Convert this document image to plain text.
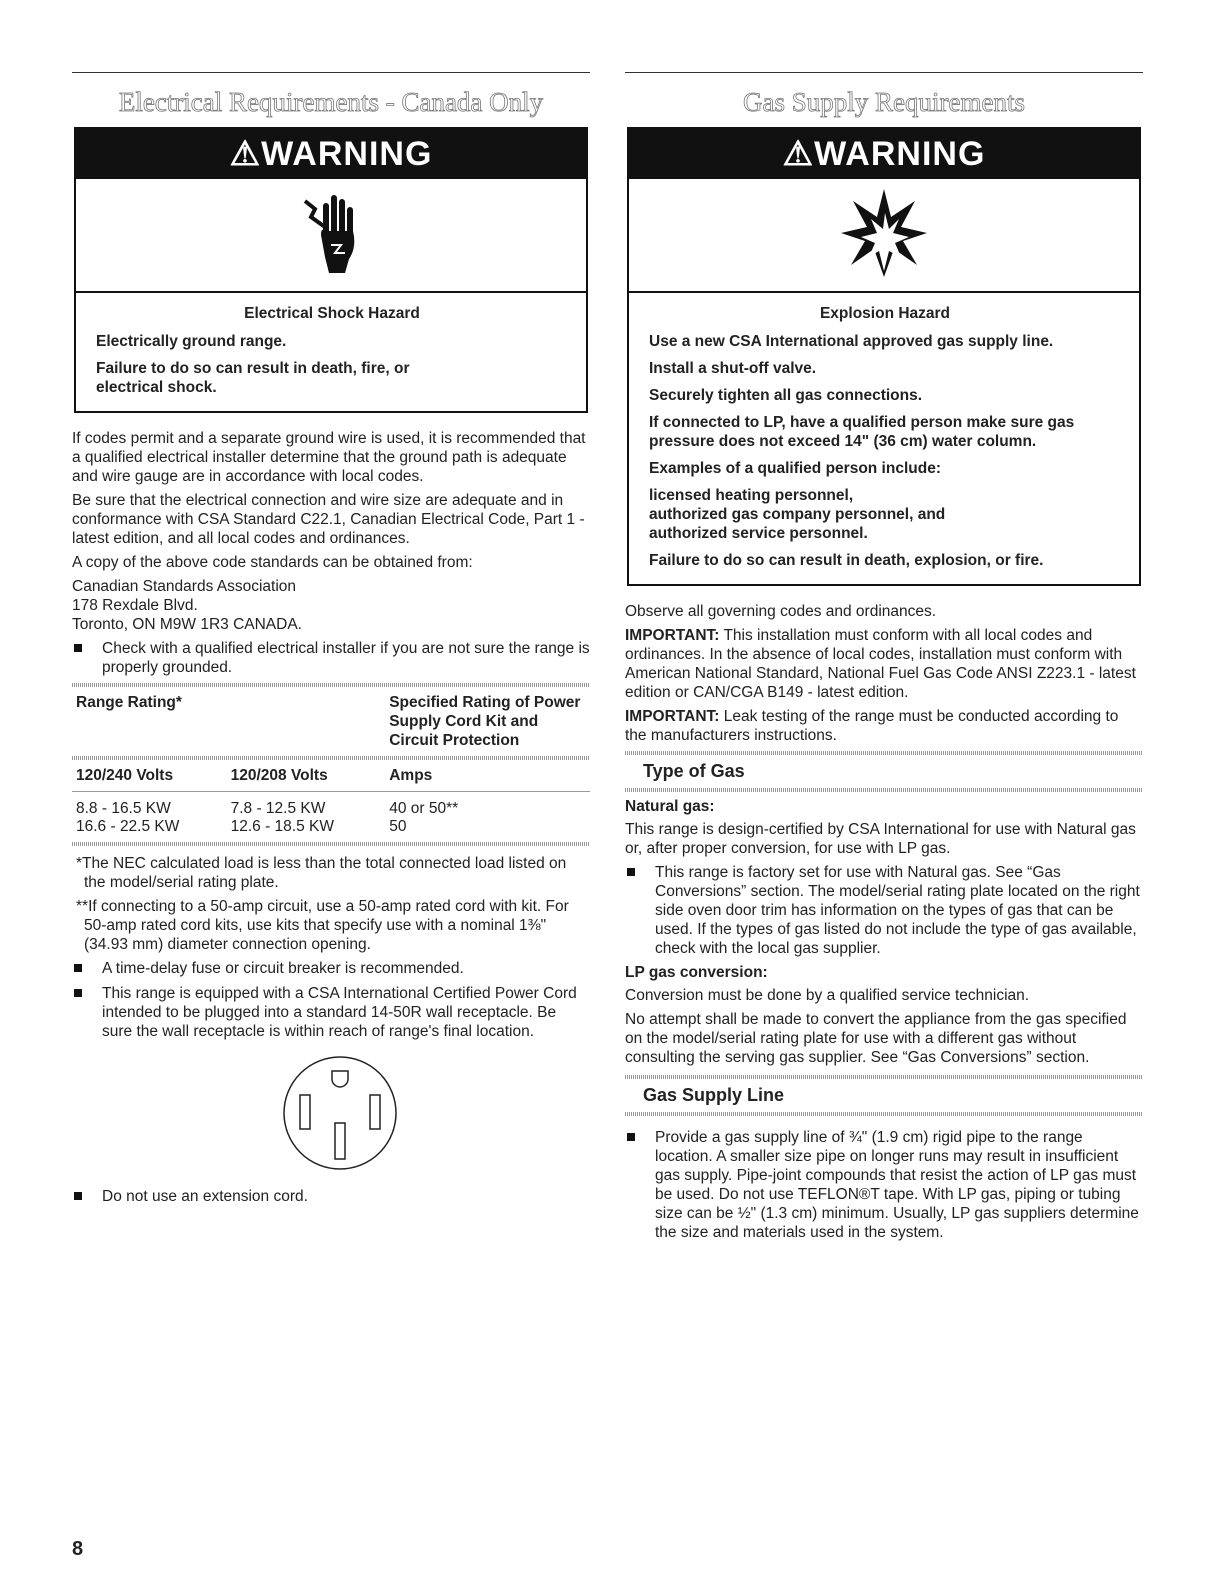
Electrical Requirements - Canada Only
⚠WARNING
Electrical Shock Hazard

Electrically ground range.

Failure to do so can result in death, fire, or electrical shock.

If codes permit and a separate ground wire is used, it is recommended that a qualified electrical installer determine that the ground path is adequate and wire gauge are in accordance with local codes.

Be sure that the electrical connection and wire size are adequate and in conformance with CSA Standard C22.1, Canadian Electrical Code, Part 1 - latest edition, and all local codes and ordinances.

A copy of the above code standards can be obtained from:

Canadian Standards Association
178 Rexdale Blvd.
Toronto, ON M9W 1R3 CANADA.
Check with a qualified electrical installer if you are not sure the range is properly grounded.
Range Rating*		Specified Rating of Power Supply Cord Kit and Circuit Protection

120/240 Volts	120/208 Volts	Amps

8.8 - 16.5 KW	7.8 - 12.5 KW	40 or 50**
16.6 - 22.5 KW	12.6 - 18.5 KW	50

*The NEC calculated load is less than the total connected load listed on the model/serial rating plate.

**If connecting to a 50-amp circuit, use a 50-amp rated cord with kit. For 50-amp rated cord kits, use kits that specify use with a nominal 1⅜" (34.93 mm) diameter connection opening.

A time-delay fuse or circuit breaker is recommended.
This range is equipped with a CSA International Certified Power Cord intended to be plugged into a standard 14-50R wall receptacle. Be sure the wall receptacle is within reach of range's final location.
Do not use an extension cord.
Gas Supply Requirements
⚠WARNING
Explosion Hazard

Use a new CSA International approved gas supply line.

Install a shut-off valve.

Securely tighten all gas connections.

If connected to LP, have a qualified person make sure gas pressure does not exceed 14" (36 cm) water column.

Examples of a qualified person include:

licensed heating personnel,

authorized gas company personnel, and

authorized service personnel.

Failure to do so can result in death, explosion, or fire.

Observe all governing codes and ordinances.

IMPORTANT: This installation must conform with all local codes and ordinances. In the absence of local codes, installation must conform with American National Standard, National Fuel Gas Code ANSI Z223.1 - latest edition or CAN/CGA B149 - latest edition.

IMPORTANT: Leak testing of the range must be conducted according to the manufacturers instructions.

Type of Gas
Natural gas:

This range is design-certified by CSA International for use with Natural gas or, after proper conversion, for use with LP gas.

This range is factory set for use with Natural gas. See “Gas Conversions” section. The model/serial rating plate located on the right side oven door trim has information on the types of gas that can be used. If the types of gas listed do not include the type of gas available, check with the local gas supplier.
LP gas conversion:

Conversion must be done by a qualified service technician.

No attempt shall be made to convert the appliance from the gas specified on the model/serial rating plate for use with a different gas without consulting the serving gas supplier. See “Gas Conversions” section.

Gas Supply Line
Provide a gas supply line of ¾" (1.9 cm) rigid pipe to the range location. A smaller size pipe on longer runs may result in insufficient gas supply. Pipe-joint compounds that resist the action of LP gas must be used. Do not use TEFLON®T tape. With LP gas, piping or tubing size can be ½" (1.3 cm) minimum. Usually, LP gas suppliers determine the size and materials used in the system.
8
